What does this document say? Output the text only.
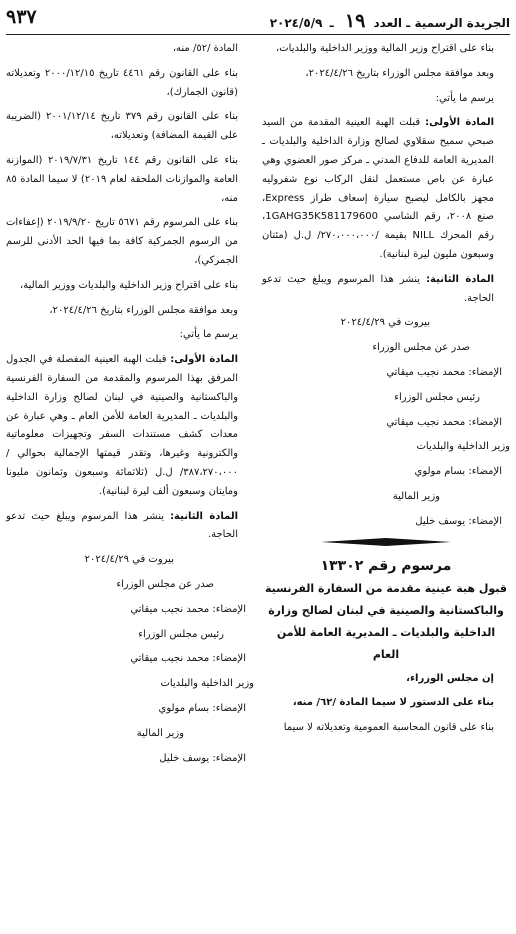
الجريدة الرسمية ـ العدد ١٩ ـ ٢٠٢٤/٥/٩
٩٣٧

بناء على اقتراح وزير المالية ووزير الداخلية والبلديات،

وبعد موافقة مجلس الوزراء بتاريخ ٢٠٢٤/٤/٢٦،

يرسم ما يأتي:

المادة الأولى: قبلت الهبة العينية المقدمة من السيد صبحي سميح سقلاوي لصالح وزارة الداخلية والبلديات ـ المديرية العامة للدفاع المدني ـ مركز صور العضوي وهي عبارة عن باص مستعمل لنقل الركاب نوع شفروليه مجهز بالكامل ليصبح سيارة إسعاف طراز Express، صنع ٢٠٠٨، رقم الشاسي 1GAHG35K581179600، رقم المحرك NILL بقيمة /٢٧٠،٠٠٠،٠٠٠/ ل.ل (مئتان وسبعون مليون ليرة لبنانية).

المادة الثانية: ينشر هذا المرسوم ويبلغ حيث تدعو الحاجة.

بيروت في ٢٠٢٤/٤/٢٩

صدر عن مجلس الوزراء

الإمضاء: محمد نجيب ميقاتي

رئيس مجلس الوزراء

الإمضاء: محمد نجيب ميقاتي

وزير الداخلية والبلديات

الإمضاء: بسام مولوي

وزير المالية

الإمضاء: يوسف خليل

مرسوم رقم ١٣٣٠٢
قبول هبة عينية مقدمة من السفارة الفرنسية والباكستانية والصينية في لبنان لصالح وزارة الداخلية والبلديات ـ المديرية العامة للأمن العام

إن مجلس الوزراء،

بناء على الدستور لا سيما المادة /٦٢/ منه،

بناء على قانون المحاسبة العمومية وتعديلاته لا سيما

المادة /٥٢/ منه،

بناء على القانون رقم ٤٤٦١ تاريخ ٢٠٠٠/١٢/١٥ وتعديلاته (قانون الجمارك)،

بناء على القانون رقم ٣٧٩ تاريخ ٢٠٠١/١٢/١٤ (الضريبة على القيمة المضافة) وتعديلاته،

بناء على القانون رقم ١٤٤ تاريخ ٢٠١٩/٧/٣١ (الموازنة العامة والموازنات الملحقة لعام ٢٠١٩) لا سيما المادة ٨٥ منه،

بناء على المرسوم رقم ٥٦٧١ تاريخ ٢٠١٩/٩/٢٠ (إعفاءات من الرسوم الجمركية كافة بما فيها الحد الأدنى للرسم الجمركي)،

بناء على اقتراح وزير الداخلية والبلديات ووزير المالية،

وبعد موافقة مجلس الوزراء بتاريخ ٢٠٢٤/٤/٢٦،

يرسم ما يأتي:

المادة الأولى: قبلت الهبة العينية المفصلة في الجدول المرفق بهذا المرسوم والمقدمة من السفارة الفرنسية والباكستانية والصينية في لبنان لصالح وزارة الداخلية والبلديات ـ المديرية العامة للأمن العام ـ وهي عبارة عن معدات كشف مستندات السفر وتجهيزات معلوماتية والكترونية وغيرها، وتقدر قيمتها الإجمالية بحوالي /٣٨٧،٢٧٠،٠٠٠/ ل.ل (ثلاثمائة وسبعون وثمانون مليونا ومايتان وسبعون ألف ليرة لبنانية).

المادة الثانية: ينشر هذا المرسوم ويبلغ حيث تدعو الحاجة.

بيروت في ٢٠٢٤/٤/٢٩

صدر عن مجلس الوزراء

الإمضاء: محمد نجيب ميقاتي

رئيس مجلس الوزراء

الإمضاء: محمد نجيب ميقاتي

وزير الداخلية والبلديات

الإمضاء: بسام مولوي

وزير المالية

الإمضاء: يوسف خليل
